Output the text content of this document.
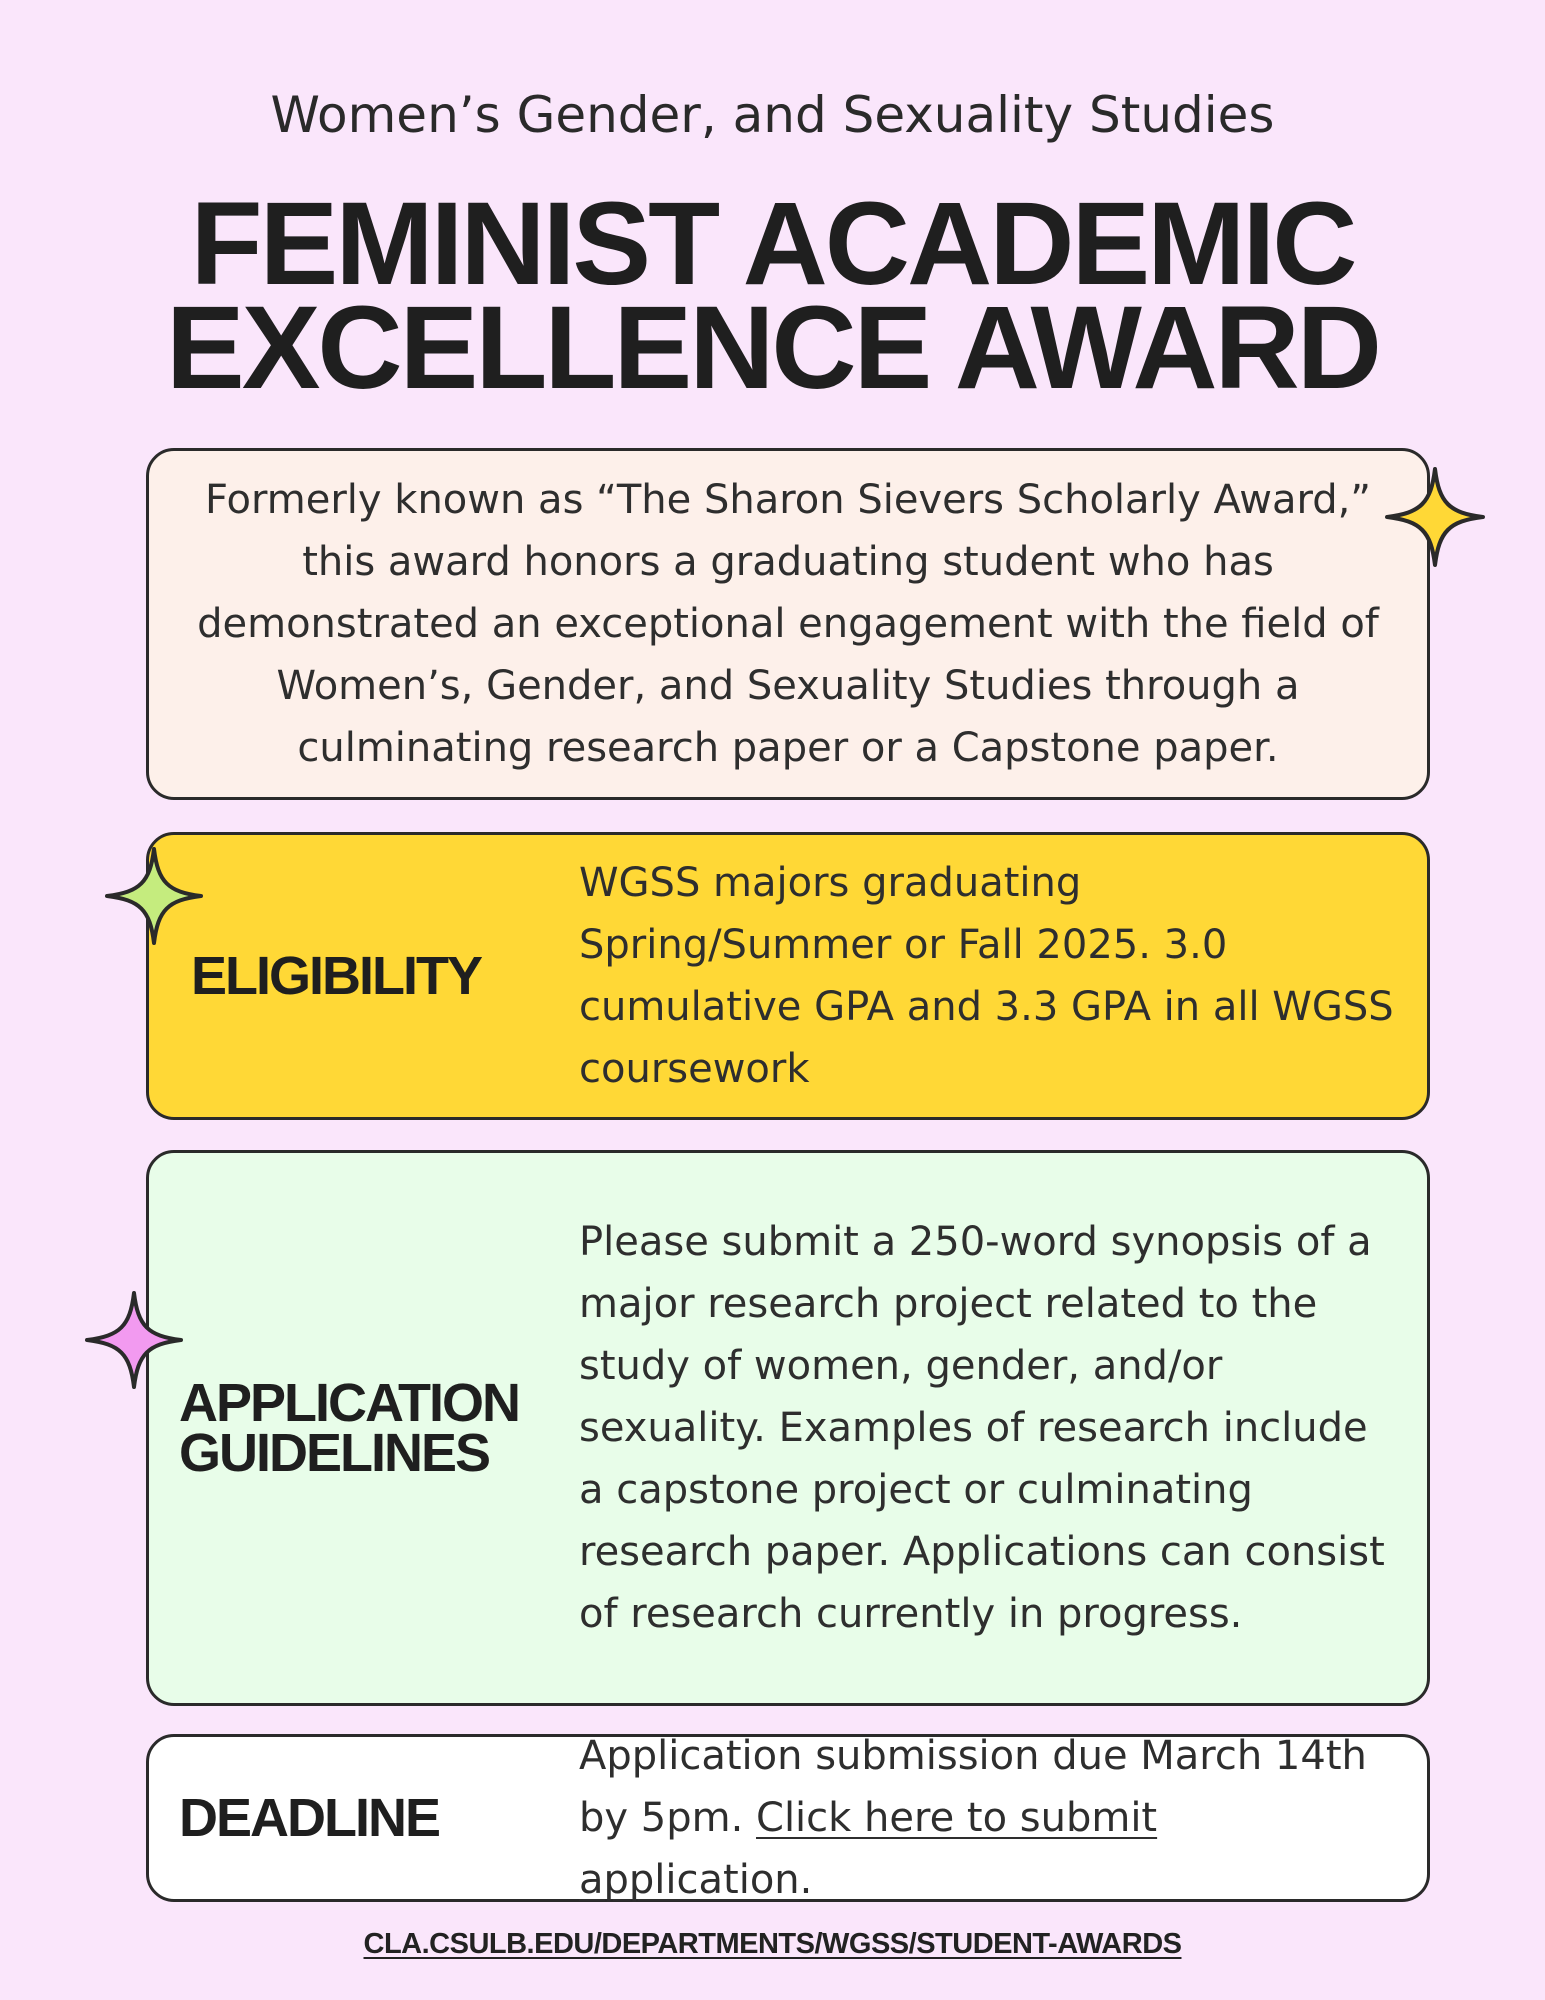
Women’s Gender, and Sexuality Studies
FEMINIST ACADEMIC
EXCELLENCE AWARD
Formerly known as “The Sharon Sievers Scholarly Award,” this award honors a graduating student who has demonstrated an exceptional engagement with the field of Women’s, Gender, and Sexuality Studies through a culminating research paper or a Capstone paper.
ELIGIBILITY
WGSS majors graduating Spring/Summer or Fall 2025. 3.0 cumulative GPA and 3.3 GPA in all WGSS coursework
APPLICATION
GUIDELINES
Please submit a 250-word synopsis of a major research project related to the study of women, gender, and/or sexuality. Examples of research include a capstone project or culminating research paper. Applications can consist of research currently in progress.
DEADLINE
Application submission due March 14th by 5pm. Click here to submit application.
CLA.CSULB.EDU/DEPARTMENTS/WGSS/STUDENT-AWARDS
